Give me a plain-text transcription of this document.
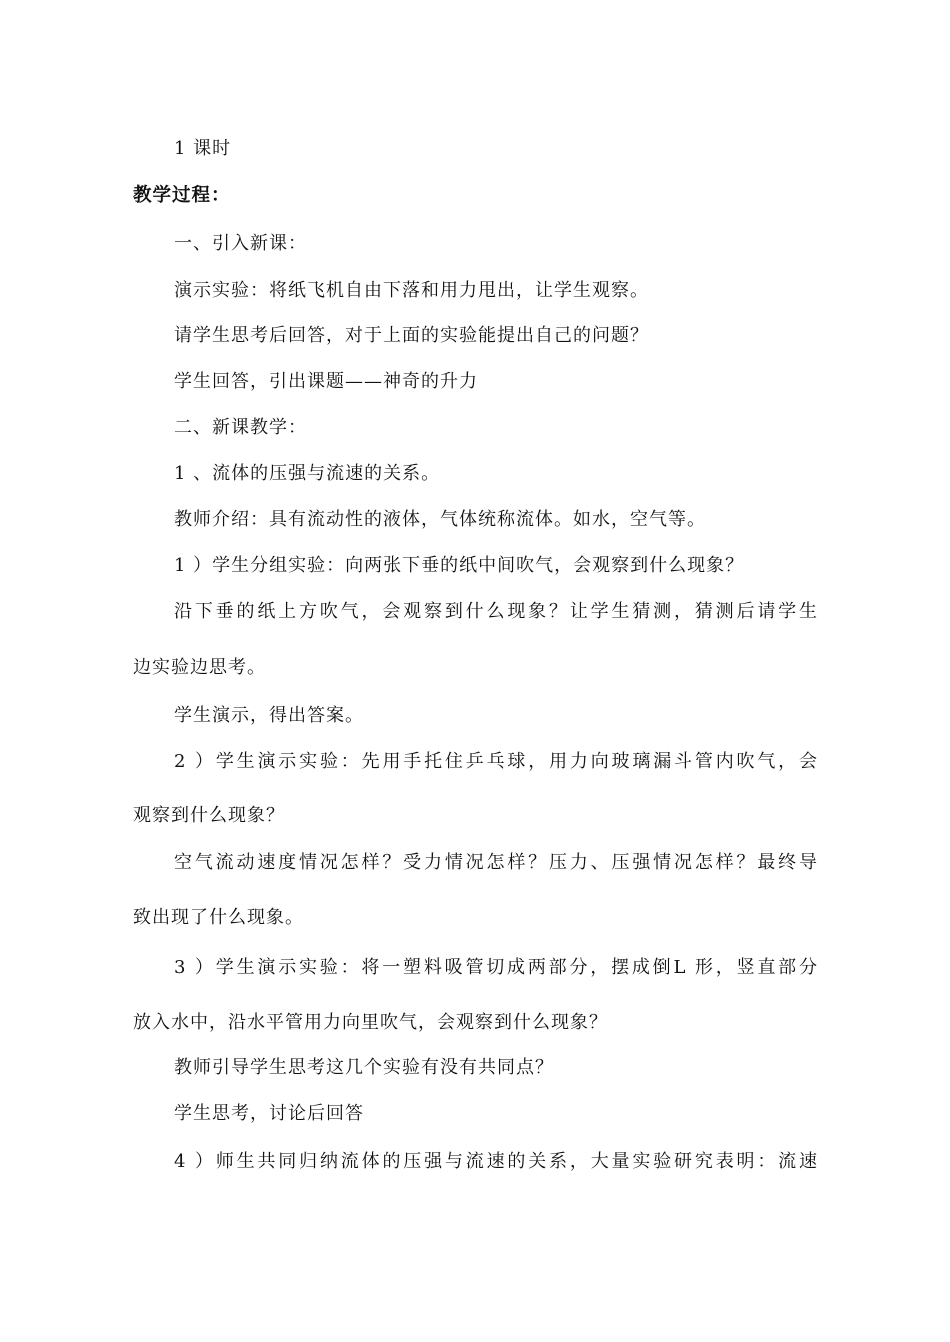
1 课时
教学过程：
一、引入新课：
演示实验：将纸飞机自由下落和用力甩出，让学生观察。
请学生思考后回答，对于上面的实验能提出自己的问题？
学生回答，引出课题——神奇的升力
二、新课教学：
1 、流体的压强与流速的关系。
教师介绍：具有流动性的液体，气体统称流体。如水，空气等。
1 ）学生分组实验：向两张下垂的纸中间吹气，会观察到什么现象？
沿下垂的纸上方吹气，会观察到什么现象？让学生猜测，猜测后请学生
边实验边思考。
学生演示，得出答案。
2 ）学生演示实验：先用手托住乒乓球，用力向玻璃漏斗管内吹气，会
观察到什么现象？
空气流动速度情况怎样？受力情况怎样？压力、压强情况怎样？最终导
致出现了什么现象。
3 ）学生演示实验：将一塑料吸管切成两部分，摆成倒L 形，竖直部分
放入水中，沿水平管用力向里吹气，会观察到什么现象？
教师引导学生思考这几个实验有没有共同点？
学生思考，讨论后回答
4 ）师生共同归纳流体的压强与流速的关系，大量实验研究表明：流速
